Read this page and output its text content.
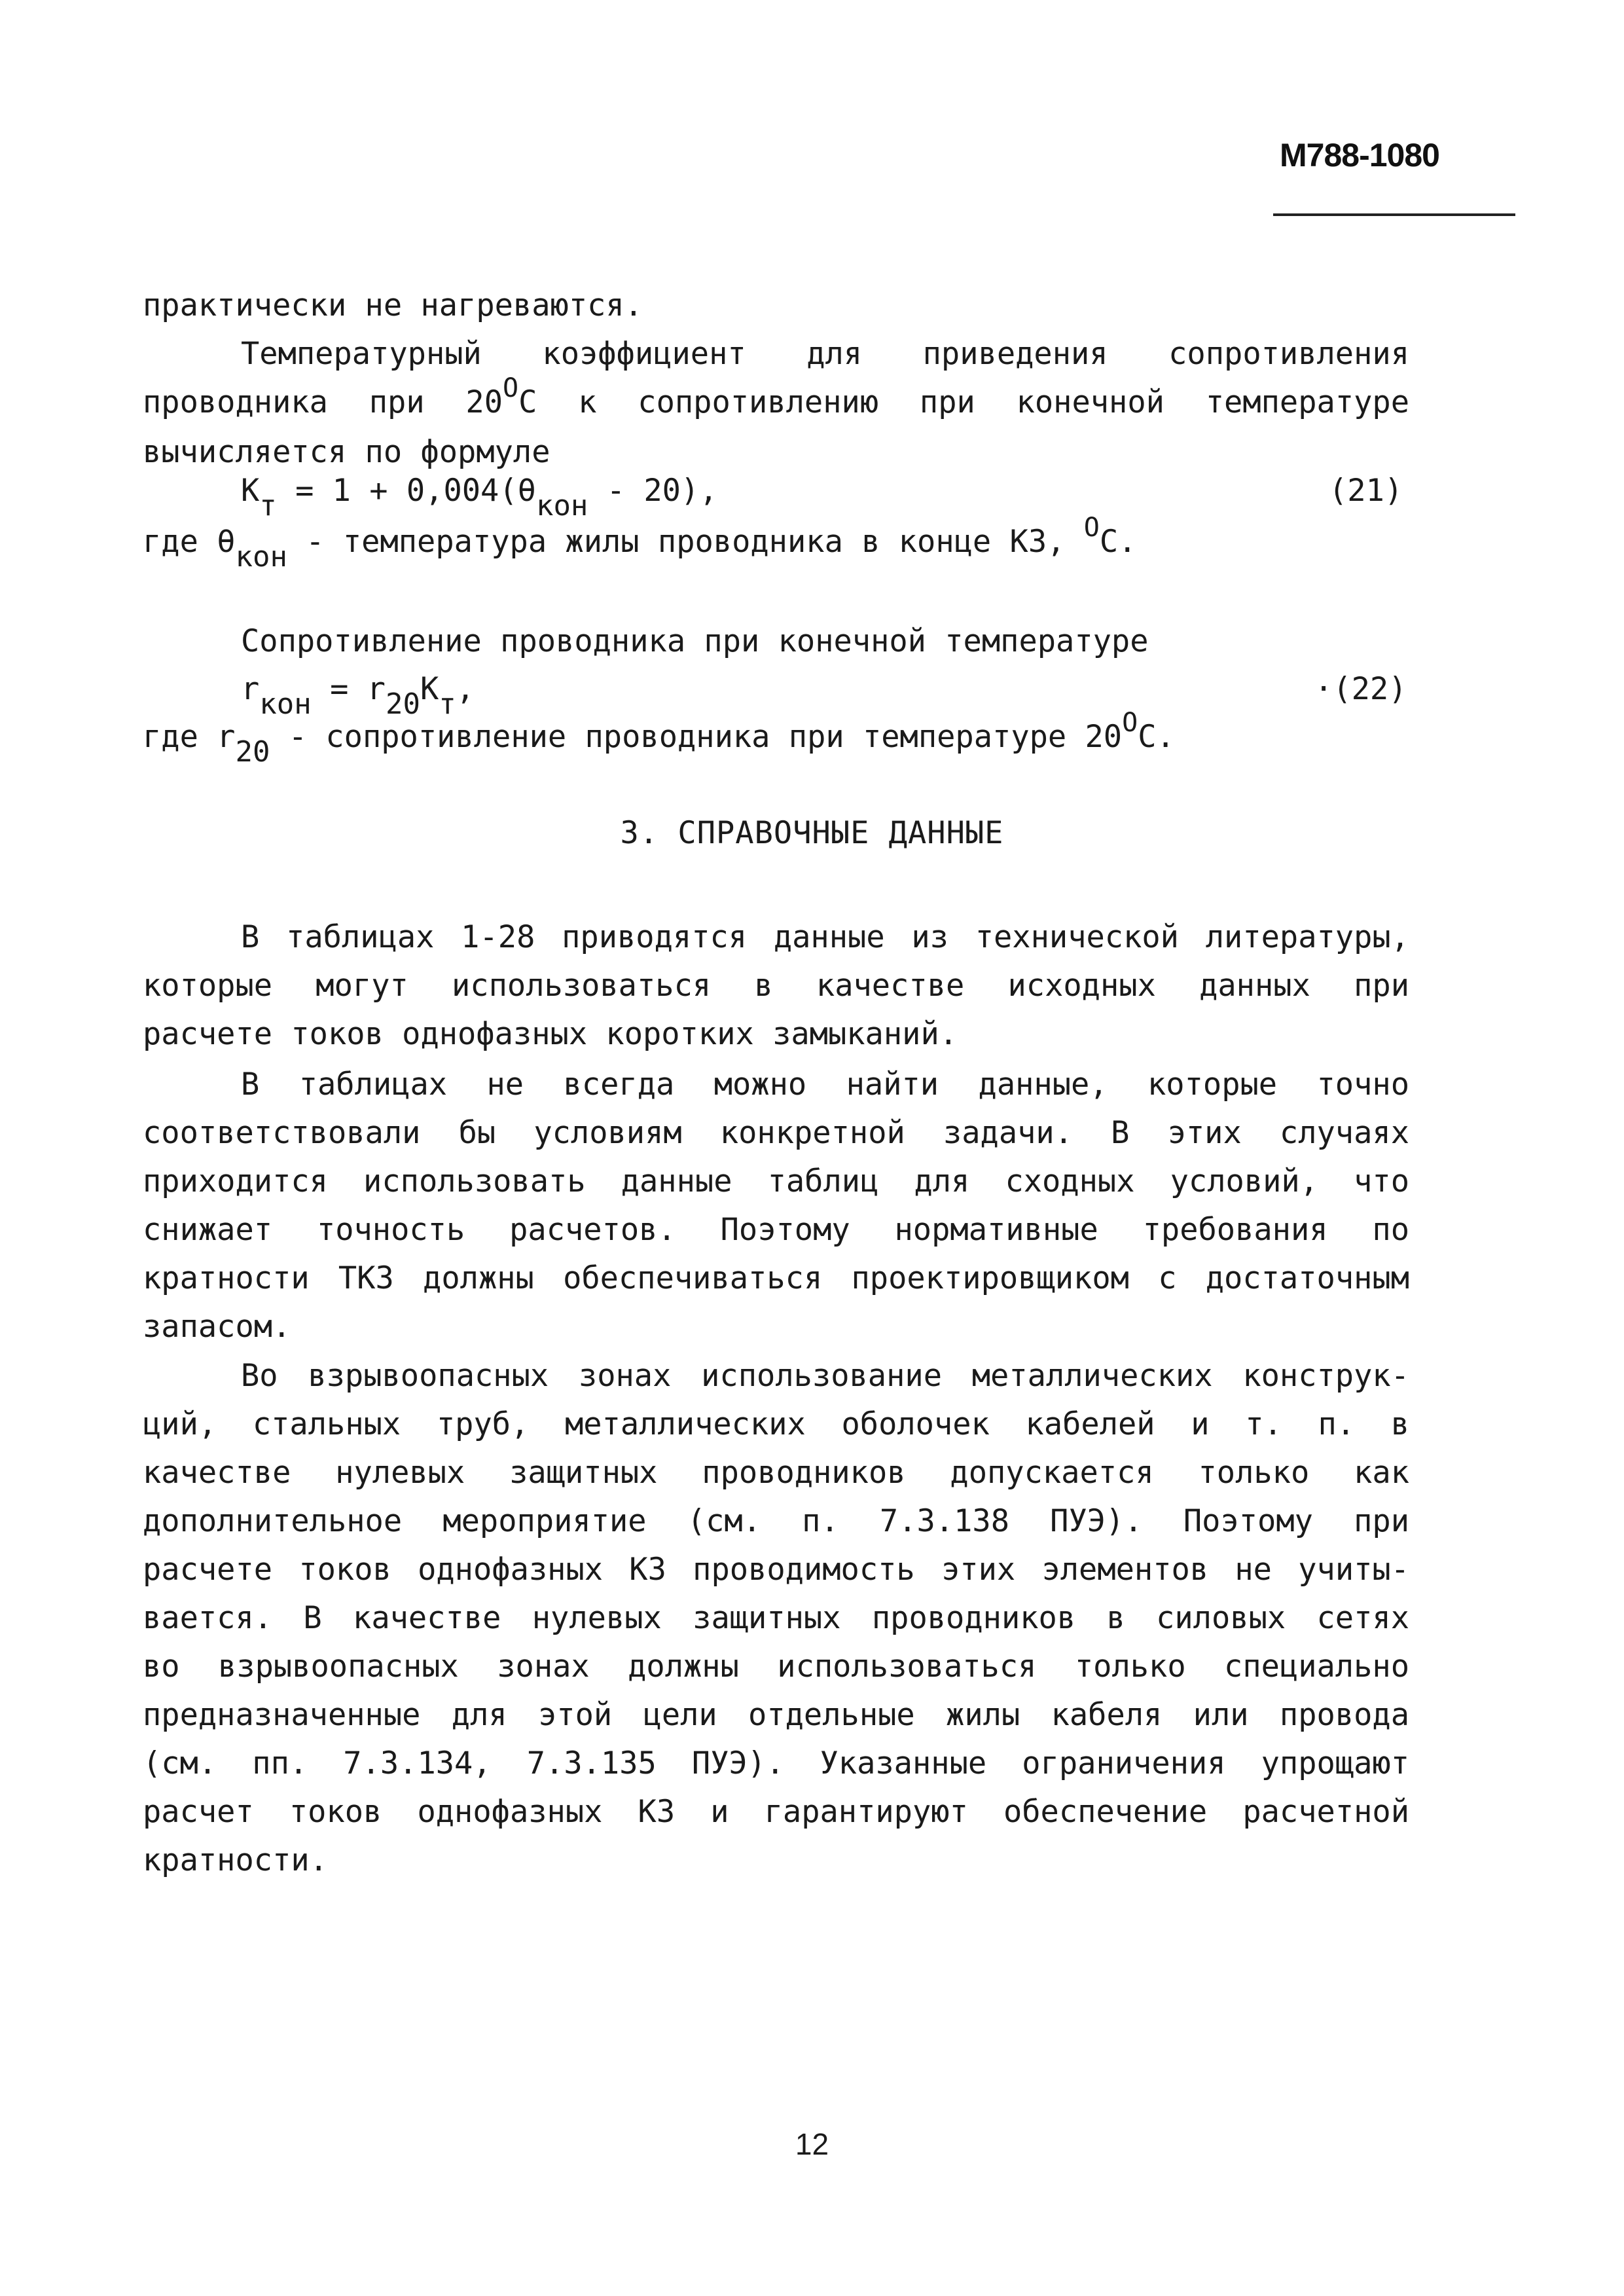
M788-1080
практически не нагреваются.
Температурный коэффициент для приведения сопротивления
проводника при 20ОС к сопротивлению при конечной температуре
вычисляется по формуле
Кт = 1 + 0,004(θкон - 20),	(21)
где θкон - температура жилы проводника в конце КЗ, ОС.
Сопротивление проводника при конечной температуре
rкон = r20Кт,	·(22)
где r20 - сопротивление проводника при температуре 20ОС.
3. СПРАВОЧНЫЕ ДАННЫЕ
В таблицах 1-28 приводятся данные из технической литературы,
которые могут использоваться в качестве исходных данных при
расчете токов однофазных коротких замыканий.
В таблицах не всегда можно найти данные, которые точно
соответствовали бы условиям конкретной задачи. В этих случаях
приходится использовать данные таблиц для сходных условий, что
снижает точность расчетов. Поэтому нормативные требования по
кратности ТКЗ должны обеспечиваться проектировщиком с достаточным
запасом.
Во взрывоопасных зонах использование металлических конструк-
ций, стальных труб, металлических оболочек кабелей и т. п. в
качестве нулевых защитных проводников допускается только как
дополнительное мероприятие (см. п. 7.3.138 ПУЭ). Поэтому при
расчете токов однофазных КЗ проводимость этих элементов не учиты-
вается. В качестве нулевых защитных проводников в силовых сетях
во взрывоопасных зонах должны использоваться только специально
предназначенные для этой цели отдельные жилы кабеля или провода
(см. пп. 7.3.134, 7.3.135 ПУЭ). Указанные ограничения упрощают
расчет токов однофазных КЗ и гарантируют обеспечение расчетной
кратности.
12
